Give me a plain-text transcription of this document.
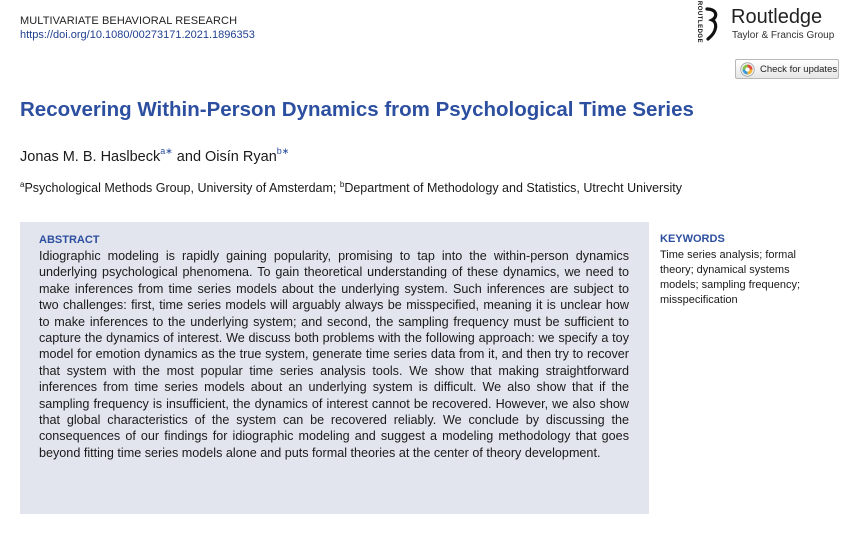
MULTIVARIATE BEHAVIORAL RESEARCH
https://doi.org/10.1080/00273171.2021.1896353	ROUTLEDGE Routledge
Taylor & Francis Group
Check for updates
Recovering Within-Person Dynamics from Psychological Time Series
Jonas M. B. Haslbeck$^{a∗}$ and Oisín Ryan$^{b∗}$
$^a$Psychological Methods Group, University of Amsterdam; $^b$Department of Methodology and Statistics, Utrecht University
ABSTRACT
Idiographic modeling is rapidly gaining popularity, promising to tap into the within-person dynamics underlying psychological phenomena. To gain theoretical understanding of these dynamics, we need to make inferences from time series models about the underlying system. Such inferences are subject to two challenges: first, time series models will arguably always be misspecified, meaning it is unclear how to make inferences to the underlying system; and second, the sampling frequency must be sufficient to capture the dynamics of interest. We discuss both problems with the following approach: we specify a toy model for emotion dynamics as the true system, generate time series data from it, and then try to recover that system with the most popular time series analysis tools. We show that making straightforward inferences from time series models about an underlying system is difficult. We also show that if the sampling frequency is insufficient, the dynamics of interest cannot be recovered. However, we also show that global characteristics of the system can be recovered reliably. We conclude by discussing the consequences of our findings for idiographic modeling and suggest a modeling methodology that goes beyond fitting time series models alone and puts formal theories at the center of theory development.
KEYWORDS
Time series analysis; formal theory; dynamical systems models; sampling frequency; misspecification
